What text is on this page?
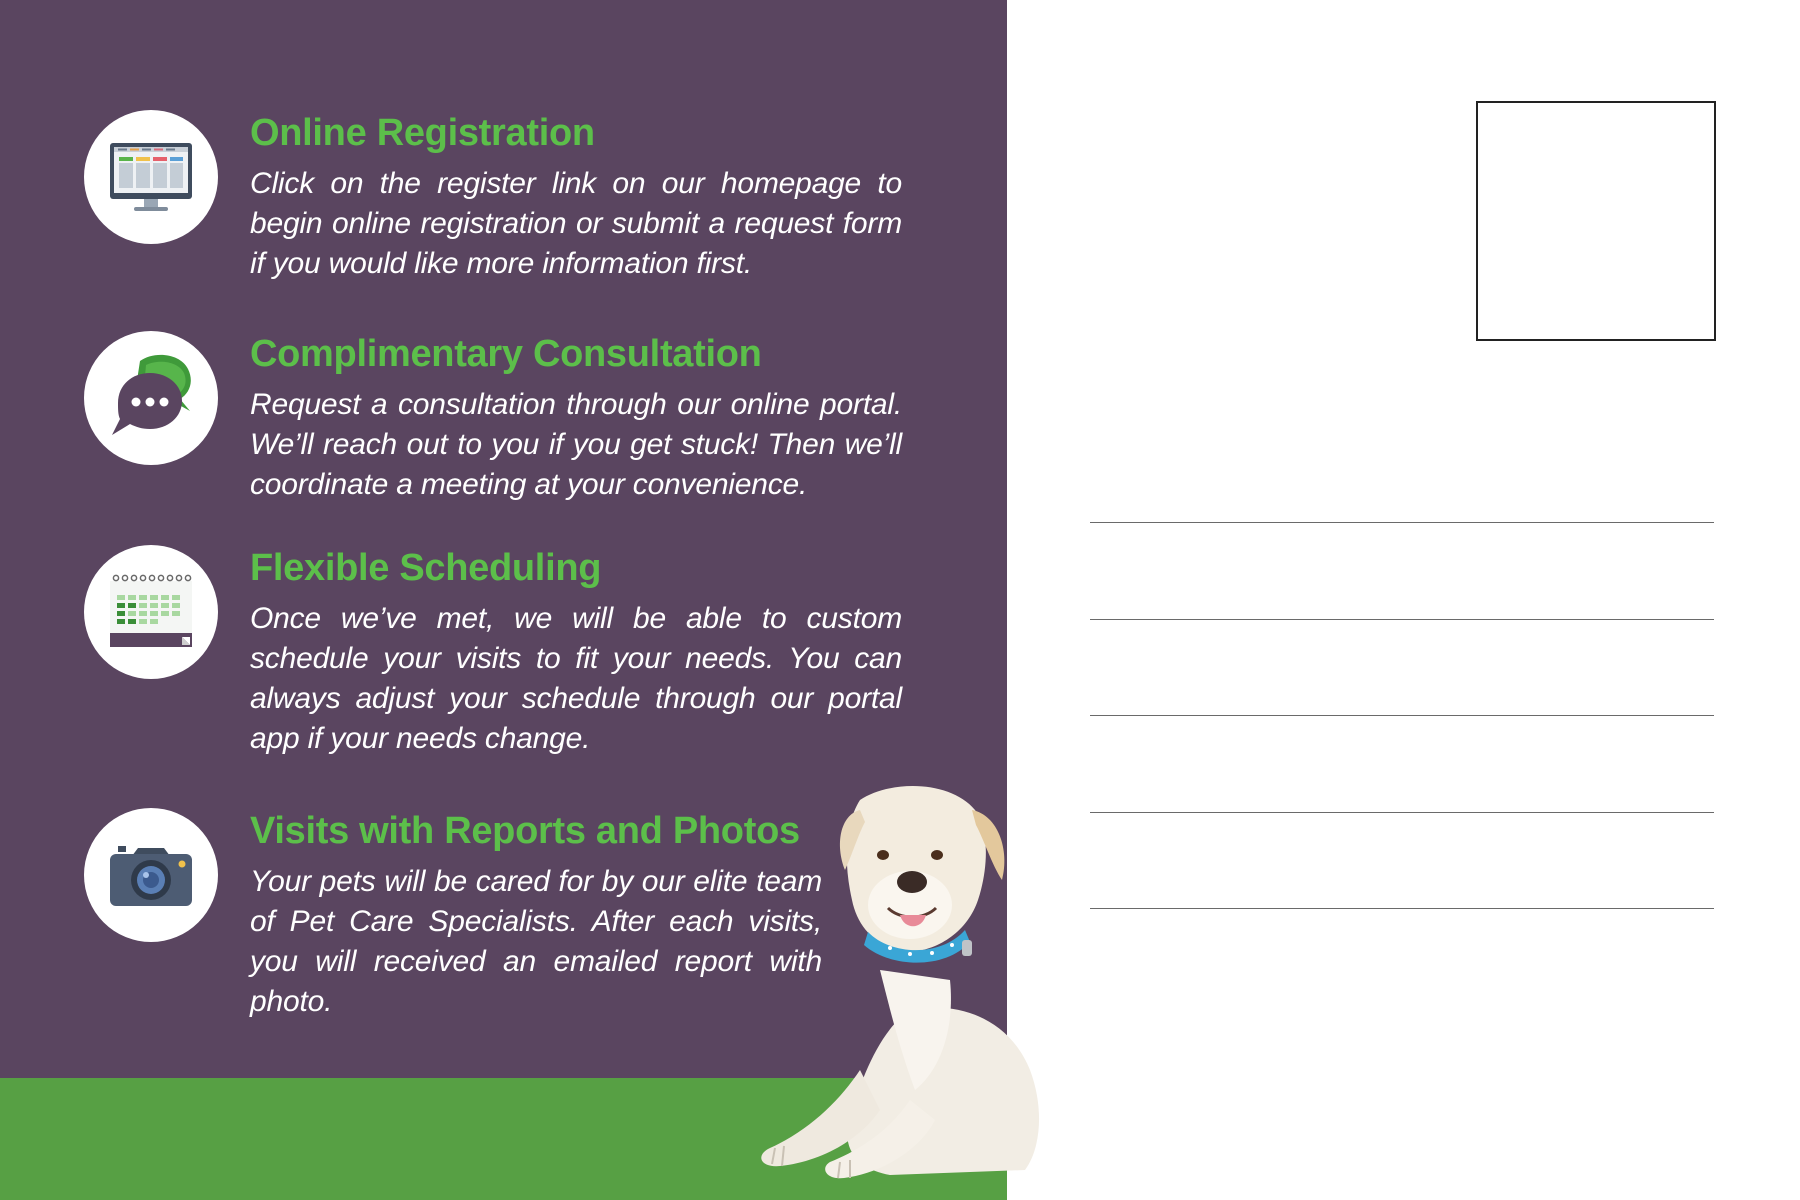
Online Registration

Click on the register link on our homepage to begin online registration or submit a request form if you would like more information first.

Complimentary Consultation

Request a consultation through our online portal. We’ll reach out to you if you get stuck! Then we’ll coordinate a meeting at your convenience.

Flexible Scheduling

Once we’ve met, we will be able to custom schedule your visits to fit your needs. You can always adjust your schedule through our portal app if your needs change.

Visits with Reports and Photos

Your pets will be cared for by our elite team of Pet Care Specialists. After each visits, you will received an emailed report with photo.
